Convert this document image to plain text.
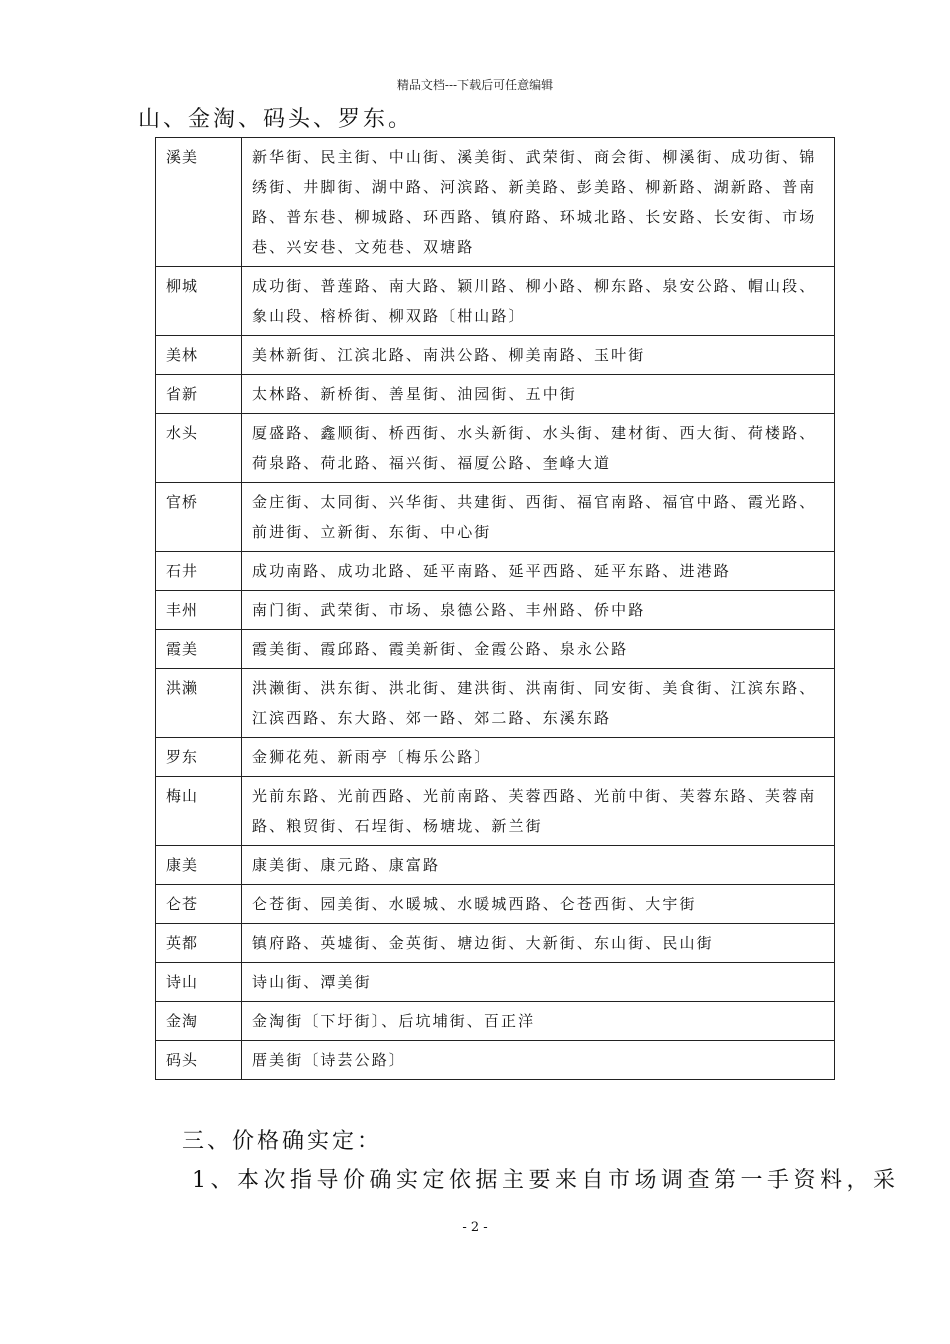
精品文档---下载后可任意编辑
山、金淘、码头、罗东。
溪美	新华街、民主街、中山街、溪美街、武荣街、商会街、柳溪街、成功街、锦绣街、井脚街、湖中路、河滨路、新美路、彭美路、柳新路、湖新路、普南路、普东巷、柳城路、环西路、镇府路、环城北路、长安路、长安街、市场巷、兴安巷、文苑巷、双塘路
柳城	成功街、普莲路、南大路、颖川路、柳小路、柳东路、泉安公路、帽山段、象山段、榕桥街、柳双路〔柑山路〕
美林	美林新街、江滨北路、南洪公路、柳美南路、玉叶街
省新	太林路、新桥街、善星街、油园街、五中街
水头	厦盛路、鑫顺街、桥西街、水头新街、水头街、建材街、西大街、荷楼路、荷泉路、荷北路、福兴街、福厦公路、奎峰大道
官桥	金庄街、太同街、兴华街、共建街、西街、福官南路、福官中路、霞光路、前进街、立新街、东街、中心街
石井	成功南路、成功北路、延平南路、延平西路、延平东路、进港路
丰州	南门街、武荣街、市场、泉德公路、丰州路、侨中路
霞美	霞美街、霞邱路、霞美新街、金霞公路、泉永公路
洪濑	洪濑街、洪东街、洪北街、建洪街、洪南街、同安街、美食街、江滨东路、江滨西路、东大路、郊一路、郊二路、东溪东路
罗东	金狮花苑、新雨亭〔梅乐公路〕
梅山	光前东路、光前西路、光前南路、芙蓉西路、光前中街、芙蓉东路、芙蓉南路、粮贸街、石埕街、杨塘垅、新兰街
康美	康美街、康元路、康富路
仑苍	仑苍街、园美街、水暖城、水暖城西路、仑苍西街、大宇街
英都	镇府路、英墟街、金英街、塘边街、大新街、东山街、民山街
诗山	诗山街、潭美街
金淘	金淘街〔下圩街〕、后坑埔街、百正洋
码头	厝美街〔诗芸公路〕
三、价格确实定：
1、本次指导价确实定依据主要来自市场调查第一手资料，采
- 2 -
